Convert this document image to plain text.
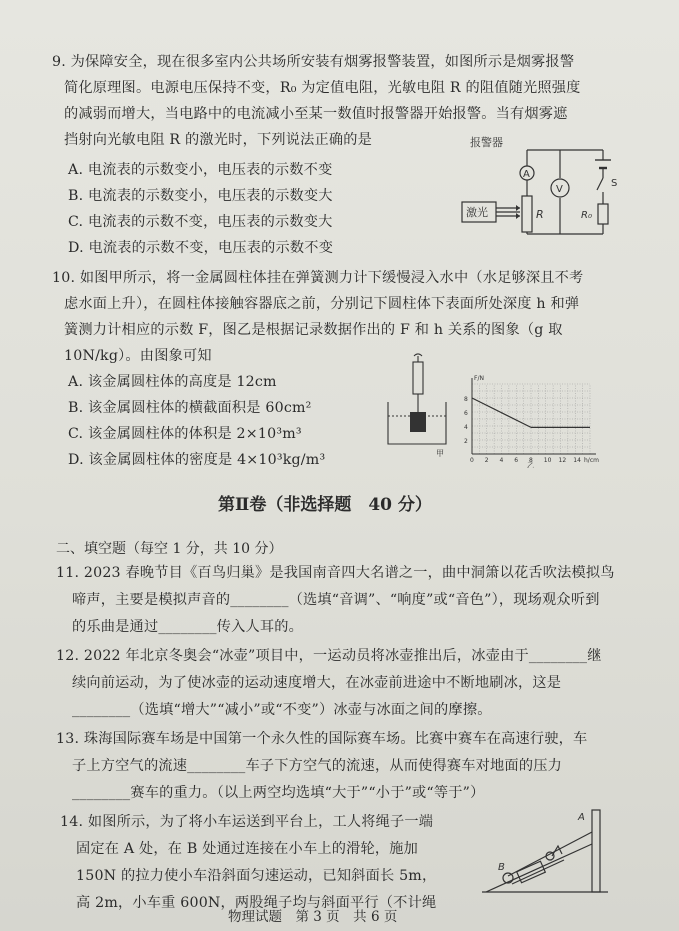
9. 为保障安全，现在很多室内公共场所安装有烟雾报警装置，如图所示是烟雾报警
简化原理图。电源电压保持不变，R₀ 为定值电阻，光敏电阻 R 的阻值随光照强度
的减弱而增大，当电路中的电流减小至某一数值时报警器开始报警。当有烟雾遮
挡射向光敏电阻 R 的激光时，下列说法正确的是
A. 电流表的示数变小，电压表的示数不变
B. 电流表的示数变小，电压表的示数变大
C. 电流表的示数不变，电压表的示数变大
D. 电流表的示数不变，电压表的示数不变
报警器
A
V
激光	R	R₀
S
10. 如图甲所示，将一金属圆柱体挂在弹簧测力计下缓慢浸入水中（水足够深且不考
虑水面上升），在圆柱体接触容器底之前，分别记下圆柱体下表面所处深度 h 和弹
簧测力计相应的示数 F，图乙是根据记录数据作出的 F 和 h 关系的图象（g 取
10N/kg）。由图象可知
A. 该金属圆柱体的高度是 12cm
B. 该金属圆柱体的横截面积是 60cm²
C. 该金属圆柱体的体积是 2×10³m³
D. 该金属圆柱体的密度是 4×10³kg/m³	甲
8
6
4
2
0 2 4 6 8 10 12 14
F/N
h/cm
乙
第Ⅱ卷（非选择题　40 分）
二、填空题（每空 1 分，共 10 分）
11. 2023 春晚节目《百鸟归巢》是我国南音四大名谱之一，曲中洞箫以花舌吹法模拟鸟
啼声，主要是模拟声音的________（选填“音调”、“响度”或“音色”），现场观众听到
的乐曲是通过________传入人耳的。
12. 2022 年北京冬奥会“冰壶”项目中，一运动员将冰壶推出后，冰壶由于________继
续向前运动，为了使冰壶的运动速度增大，在冰壶前进途中不断地刷冰，这是
________（选填“增大”“减小”或“不变”）冰壶与冰面之间的摩擦。
13. 珠海国际赛车场是中国第一个永久性的国际赛车场。比赛中赛车在高速行驶，车
子上方空气的流速________车子下方空气的流速，从而使得赛车对地面的压力
________赛车的重力。（以上两空均选填“大于”“小于”或“等于”）
14. 如图所示，为了将小车运送到平台上，工人将绳子一端
固定在 A 处，在 B 处通过连接在小车上的滑轮，施加
150N 的拉力使小车沿斜面匀速运动，已知斜面长 5m，
高 2m，小车重 600N，两股绳子均与斜面平行（不计绳
A
B
物理试题　第 3 页　共 6 页
